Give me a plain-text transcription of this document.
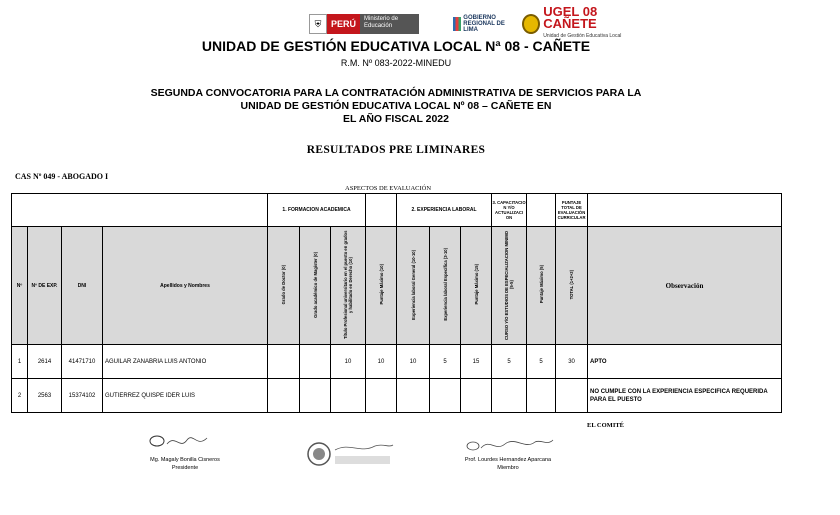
⛨	PERÚ	Ministerio de Educación
GOBIERNO REGIONAL DE LIMA
UGEL 08 CAÑETE
Unidad de Gestión Educativa Local
UNIDAD DE GESTIÓN EDUCATIVA LOCAL Nª 08 - CAÑETE
R.M. Nº 083-2022-MINEDU
SEGUNDA CONVOCATORIA PARA LA CONTRATACIÓN ADMINISTRATIVA DE SERVICIOS PARA LA
UNIDAD DE GESTIÓN EDUCATIVA LOCAL Nº 08 – CAÑETE EN
EL AÑO FISCAL 2022
RESULTADOS PRE LIMINARES
CAS Nº 049 - ABOGADO I
ASPECTOS DE EVALUACIÓN
				1. FORMACION ACADEMICA				2. EXPERIENCIA LABORAL			3. CAPACITACIO N Y/O ACTUALIZACI ON		PUNTAJE TOTAL DE EVALUACIÓN CURRICULAR	
Nº	Nº DE EXP.	DNI	Apellidos y Nombres	Grado de Doctor (0)	Grado académico de Magíster (0)	Título Profesional universitario en el puesto en grados y habilitado en Derecho (10)	Puntaje Máximo (10)	Experiencia laboral General (10-10)	Experiencia laboral Específica (3-10)	Puntaje Máximo (15)	CURSO Y/O ESTUDIOS DE ESPECIALIZACION MINIMO (5-5)	Puntaje Máximo (5)	TOTAL (1+2+3)	Observación
1	2614	41471710	AGUILAR ZANABRIA LUIS ANTONIO			10	10	10	5	15	5	5	30	APTO
2	2563	15374102	GUTIERREZ QUISPE IDER LUIS											NO CUMPLE CON LA EXPERIENCIA ESPECIFICA REQUERIDA PARA EL PUESTO
EL COMITÉ
Mg. Magaly Bonilla Cisneros
Presidente
Prof. Lourdes Hernandez Aparcana
Miembro
